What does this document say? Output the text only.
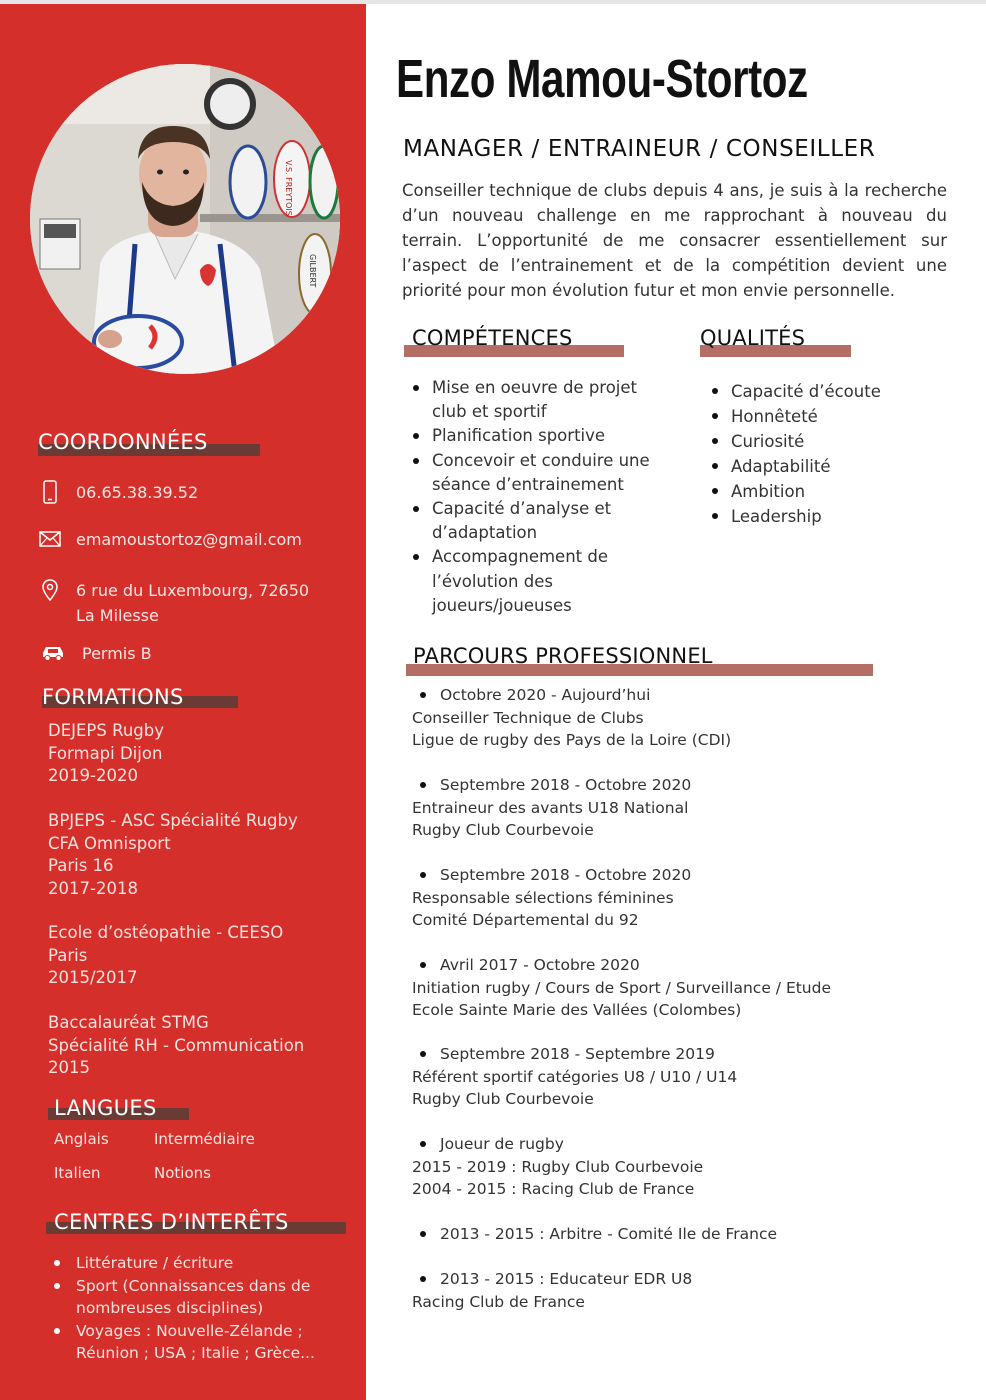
V.S. FREYTOIS
GILBERT
COORDONNÉES
06.65.38.39.52
emamoustortoz@gmail.com
6 rue du Luxembourg, 72650
La Milesse
Permis B
FORMATIONS
DEJEPS Rugby
Formapi Dijon
2019-2020
BPJEPS - ASC Spécialité Rugby
CFA Omnisport
Paris 16
2017-2018
Ecole d’ostéopathie - CEESO
Paris
2015/2017
Baccalauréat STMG
Spécialité RH - Communication
2015
LANGUES
Anglais	Intermédiaire
Italien	Notions
CENTRES D’INTERÊTS
Littérature / écriture
Sport (Connaissances dans de nombreuses disciplines)
Voyages : Nouvelle-Zélande ; Réunion ; USA ; Italie ; Grèce...
Enzo Mamou-Stortoz
MANAGER / ENTRAINEUR / CONSEILLER

Conseiller technique de clubs depuis 4 ans, je suis à la recherche d’un nouveau challenge en me rapprochant à nouveau du terrain. L’opportunité de me consacrer essentiellement sur l’aspect de l’entrainement et de la compétition devient une priorité pour mon évolution futur et mon envie personnelle.

COMPÉTENCES
Mise en oeuvre de projet club et sportif
Planification sportive
Concevoir et conduire une séance d’entrainement
Capacité d’analyse et d’adaptation
Accompagnement de l’évolution des joueurs/joueuses
QUALITÉS
Capacité d’écoute
Honnêteté
Curiosité
Adaptabilité
Ambition
Leadership
PARCOURS PROFESSIONNEL
Octobre 2020 - Aujourd’hui
Conseiller Technique de Clubs
Ligue de rugby des Pays de la Loire (CDI)
Septembre 2018 - Octobre 2020
Entraineur des avants U18 National
Rugby Club Courbevoie
Septembre 2018 - Octobre 2020
Responsable sélections féminines
Comité Départemental du 92
Avril 2017 - Octobre 2020
Initiation rugby / Cours de Sport / Surveillance / Etude
Ecole Sainte Marie des Vallées (Colombes)
Septembre 2018 - Septembre 2019
Référent sportif catégories U8 / U10 / U14
Rugby Club Courbevoie
Joueur de rugby
2015 - 2019 : Rugby Club Courbevoie
2004 - 2015 : Racing Club de France
2013 - 2015 : Arbitre - Comité Ile de France
2013 - 2015 : Educateur EDR U8
Racing Club de France
